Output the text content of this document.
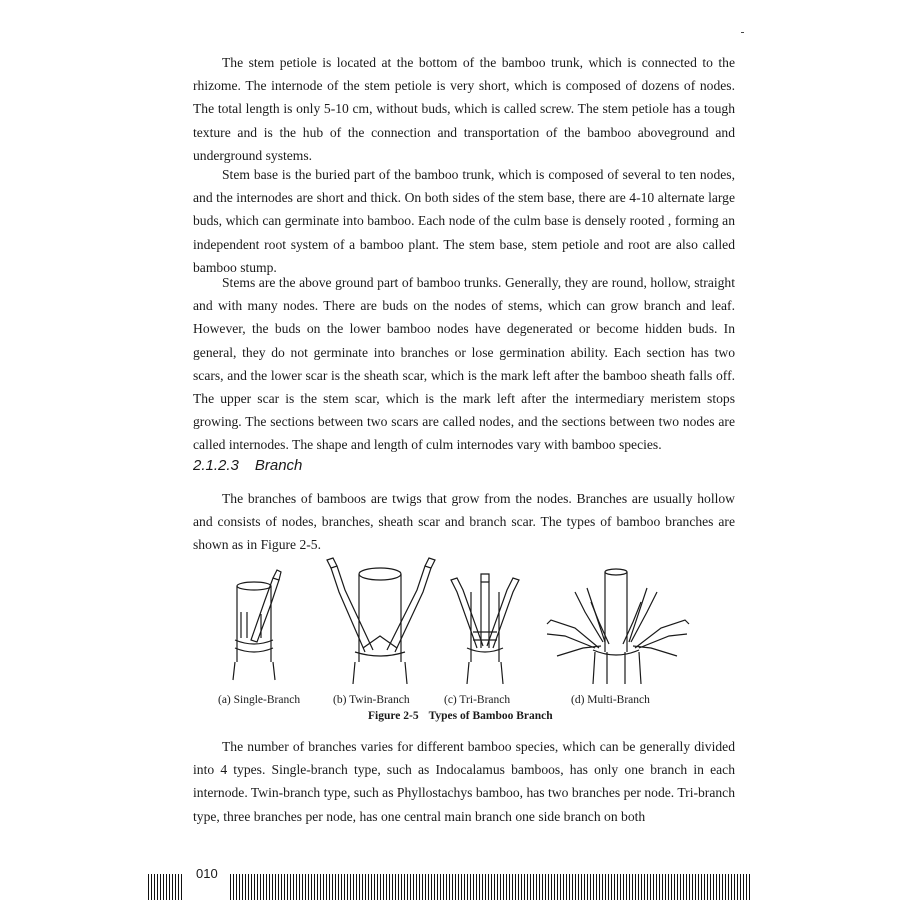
The stem petiole is located at the bottom of the bamboo trunk, which is connected to the rhizome. The internode of the stem petiole is very short, which is composed of dozens of nodes. The total length is only 5-10 cm, without buds, which is called screw. The stem petiole has a tough texture and is the hub of the connection and transportation of the bamboo aboveground and underground systems.

Stem base is the buried part of the bamboo trunk, which is composed of several to ten nodes, and the internodes are short and thick. On both sides of the stem base, there are 4-10 alternate large buds, which can germinate into bamboo. Each node of the culm base is densely rooted , forming an independent root system of a bamboo plant. The stem base, stem petiole and root are also called bamboo stump.

Stems are the above ground part of bamboo trunks. Generally, they are round, hollow, straight and with many nodes. There are buds on the nodes of stems, which can grow branch and leaf. However, the buds on the lower bamboo nodes have degenerated or become hidden buds. In general, they do not germinate into branches or lose germination ability. Each section has two scars, and the lower scar is the sheath scar, which is the mark left after the bamboo sheath falls off. The upper scar is the stem scar, which is the mark left after the intermediary meristem stops growing. The sections between two scars are called nodes, and the sections between two nodes are called internodes. The shape and length of culm internodes vary with bamboo species.

2.1.2.3 Branch

The branches of bamboos are twigs that grow from the nodes. Branches are usually hollow and consists of nodes, branches, sheath scar and branch scar. The types of bamboo branches are shown as in Figure 2-5.

(a) Single-Branch	(b) Twin-Branch	(c) Tri-Branch	(d) Multi-Branch
Figure 2-5 Types of Bamboo Branch

The number of branches varies for different bamboo species, which can be generally divided into 4 types. Single-branch type, such as Indocalamus bamboos, has only one branch in each internode. Twin-branch type, such as Phyllostachys bamboo, has two branches per node. Tri-branch type, three branches per node, has one central main branch one side branch on both

010
